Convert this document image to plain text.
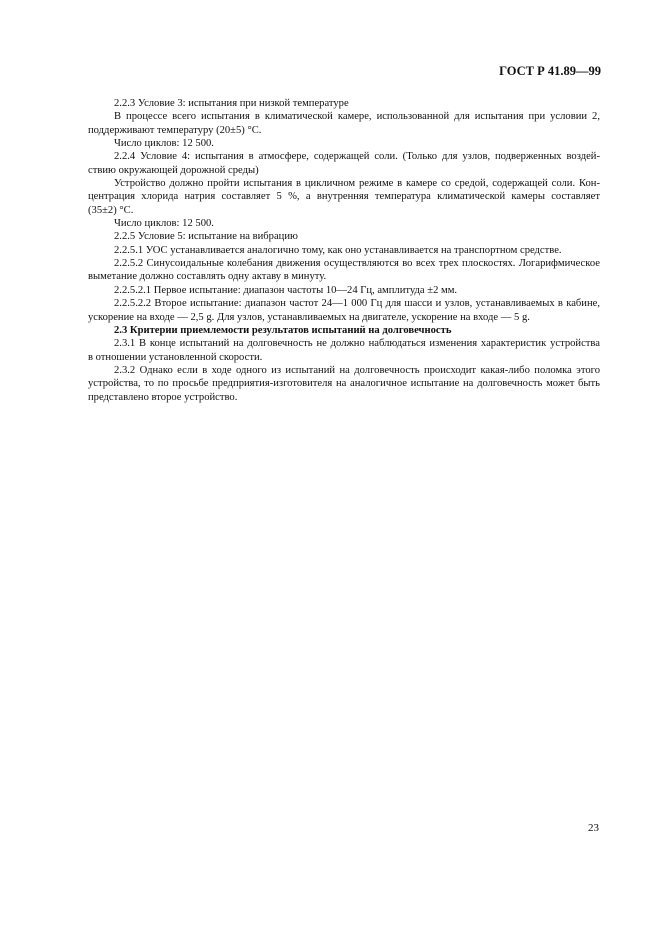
ГОСТ Р 41.89—99
2.2.3 Условие 3: испытания при низкой температуре
В процессе всего испытания в климатической камере, использованной для испытания при условии 2,
поддерживают температуру (20±5) °С.
Число циклов: 12 500.
2.2.4 Условие 4: испытания в атмосфере, содержащей соли. (Только для узлов, подверженных воздей-
ствию окружающей дорожной среды)
Устройство должно пройти испытания в цикличном режиме в камере со средой, содержащей соли. Кон-
центрация хлорида натрия составляет 5 %, а внутренняя температура климатической камеры составляет
(35±2) °С.
Число циклов: 12 500.
2.2.5 Условие 5: испытание на вибрацию
2.2.5.1 УОС устанавливается аналогично тому, как оно устанавливается на транспортном средстве.
2.2.5.2 Синусоидальные колебания движения осуществляются во всех трех плоскостях. Логарифмическое
выметание должно составлять одну актаву в минуту.
2.2.5.2.1 Первое испытание: диапазон частоты 10—24 Гц, амплитуда ±2 мм.
2.2.5.2.2 Второе испытание: диапазон частот 24—1 000 Гц для шасси и узлов, устанавливаемых в кабине,
ускорение на входе — 2,5 g. Для узлов, устанавливаемых на двигателе, ускорение на входе — 5 g.
2.3 Критерии приемлемости результатов испытаний на долговечность
2.3.1 В конце испытаний на долговечность не должно наблюдаться изменения характеристик устройства
в отношении установленной скорости.
2.3.2 Однако если в ходе одного из испытаний на долговечность происходит какая-либо поломка этого
устройства, то по просьбе предприятия-изготовителя на аналогичное испытание на долговечность может быть
представлено второе устройство.
23
